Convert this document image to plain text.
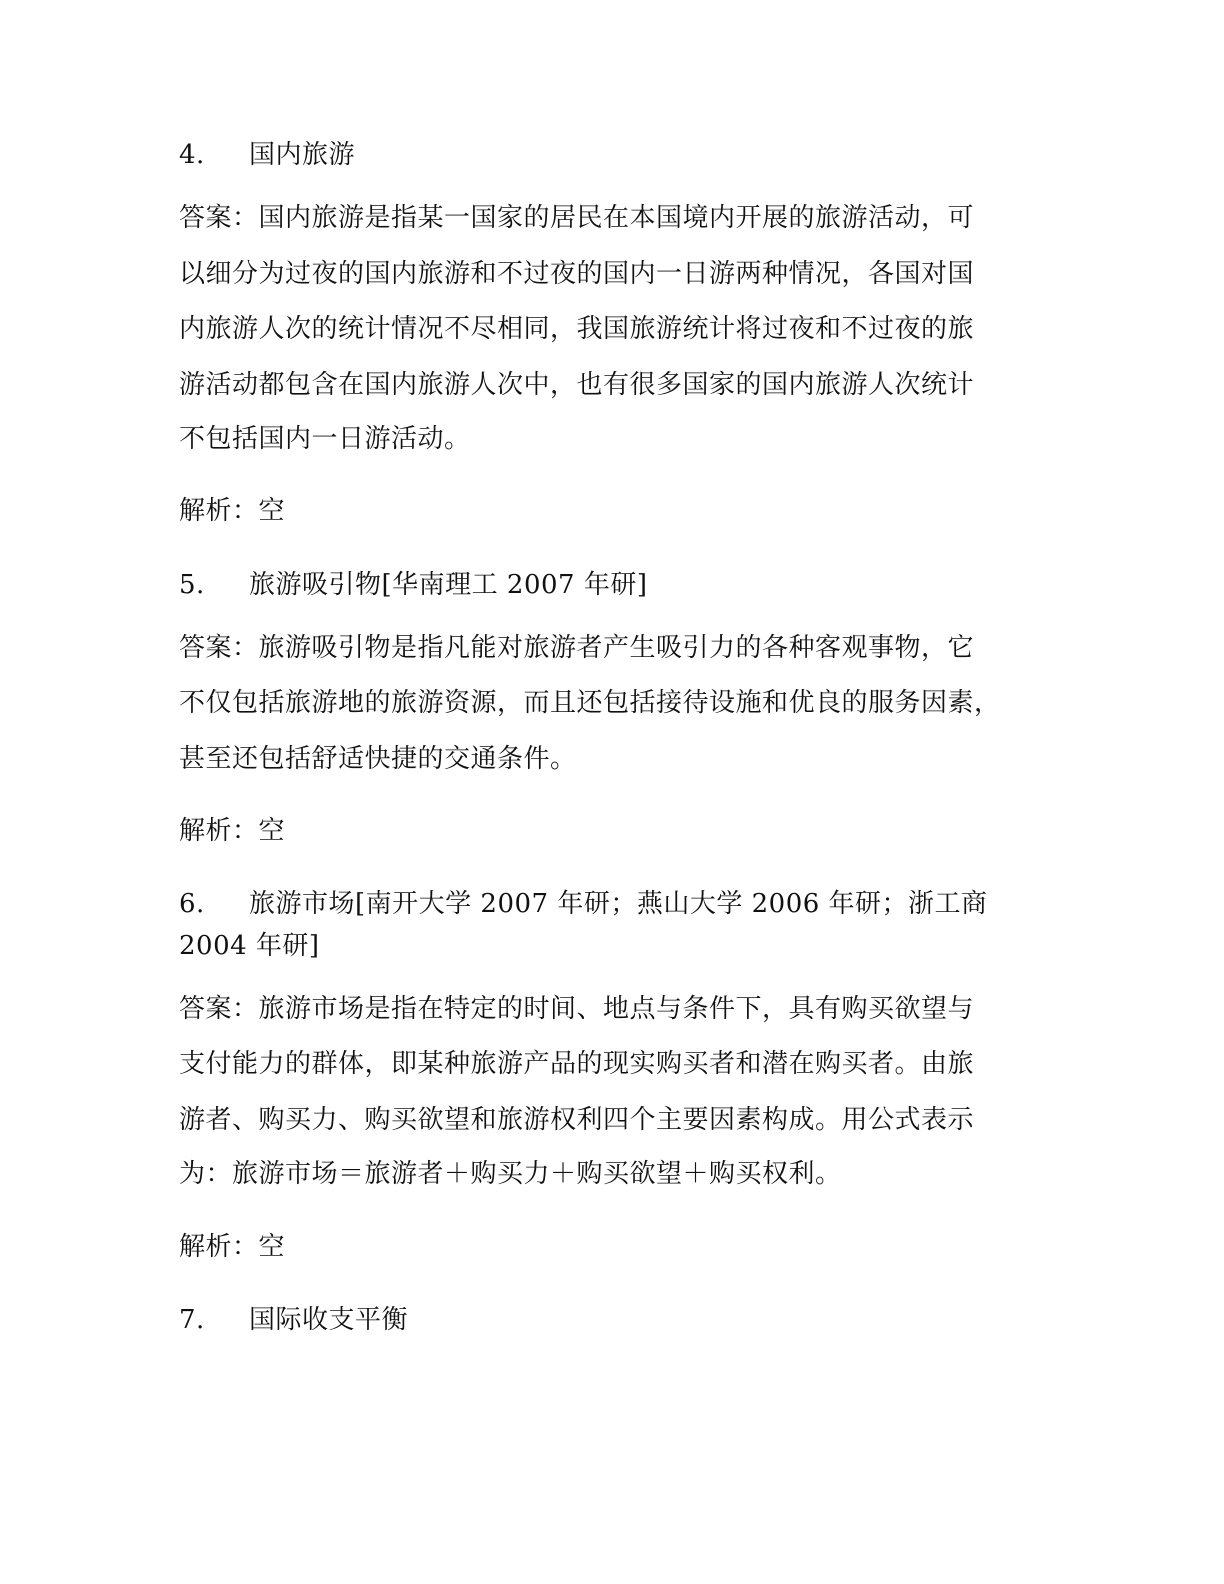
4. 国内旅游
答案：国内旅游是指某一国家的居民在本国境内开展的旅游活动，可
以细分为过夜的国内旅游和不过夜的国内一日游两种情况，各国对国
内旅游人次的统计情况不尽相同，我国旅游统计将过夜和不过夜的旅
游活动都包含在国内旅游人次中，也有很多国家的国内旅游人次统计
不包括国内一日游活动。
解析：空
5. 旅游吸引物[华南理工 2007 年研]
答案：旅游吸引物是指凡能对旅游者产生吸引力的各种客观事物，它
不仅包括旅游地的旅游资源，而且还包括接待设施和优良的服务因素，
甚至还包括舒适快捷的交通条件。
解析：空
6. 旅游市场[南开大学 2007 年研；燕山大学 2006 年研；浙工商
2004 年研]
答案：旅游市场是指在特定的时间、地点与条件下，具有购买欲望与
支付能力的群体，即某种旅游产品的现实购买者和潜在购买者。由旅
游者、购买力、购买欲望和旅游权利四个主要因素构成。用公式表示
为：旅游市场＝旅游者＋购买力＋购买欲望＋购买权利。
解析：空
7. 国际收支平衡
